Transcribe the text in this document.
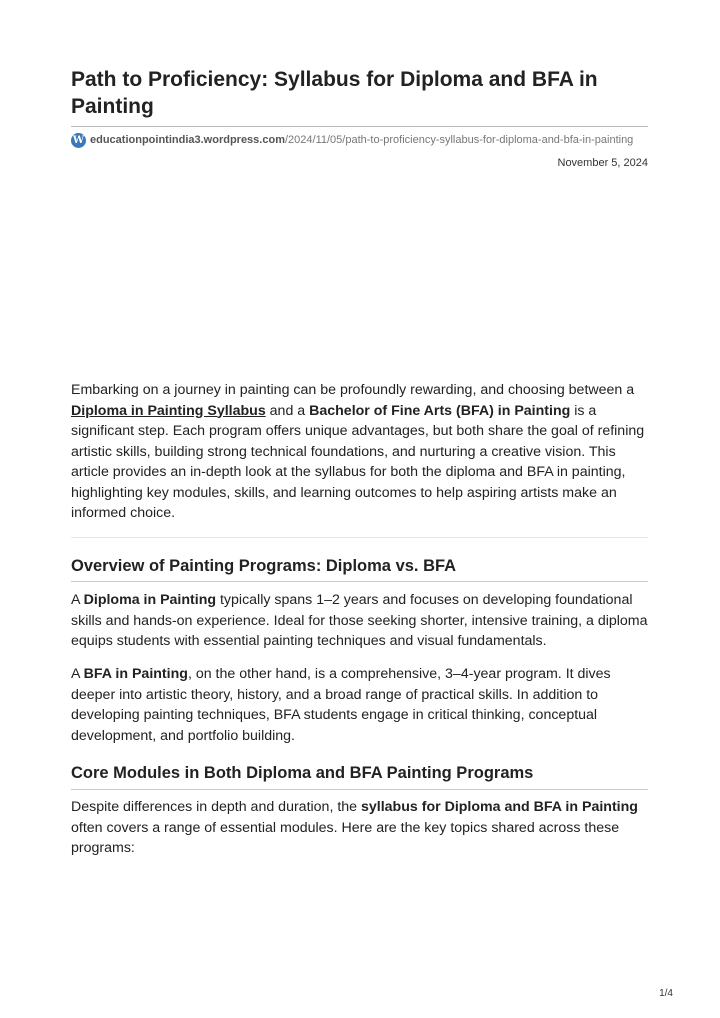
Path to Proficiency: Syllabus for Diploma and BFA in Painting
W educationpointindia3.wordpress.com /2024/11/05/path-to-proficiency-syllabus-for-diploma-and-bfa-in-painting
November 5, 2024

Embarking on a journey in painting can be profoundly rewarding, and choosing between a Diploma in Painting Syllabus and a Bachelor of Fine Arts (BFA) in Painting is a significant step. Each program offers unique advantages, but both share the goal of refining artistic skills, building strong technical foundations, and nurturing a creative vision. This article provides an in-depth look at the syllabus for both the diploma and BFA in painting, highlighting key modules, skills, and learning outcomes to help aspiring artists make an informed choice.

Overview of Painting Programs: Diploma vs. BFA

A Diploma in Painting typically spans 1–2 years and focuses on developing foundational skills and hands-on experience. Ideal for those seeking shorter, intensive training, a diploma equips students with essential painting techniques and visual fundamentals.

A BFA in Painting, on the other hand, is a comprehensive, 3–4-year program. It dives deeper into artistic theory, history, and a broad range of practical skills. In addition to developing painting techniques, BFA students engage in critical thinking, conceptual development, and portfolio building.

Core Modules in Both Diploma and BFA Painting Programs

Despite differences in depth and duration, the syllabus for Diploma and BFA in Painting often covers a range of essential modules. Here are the key topics shared across these programs:

1/4
